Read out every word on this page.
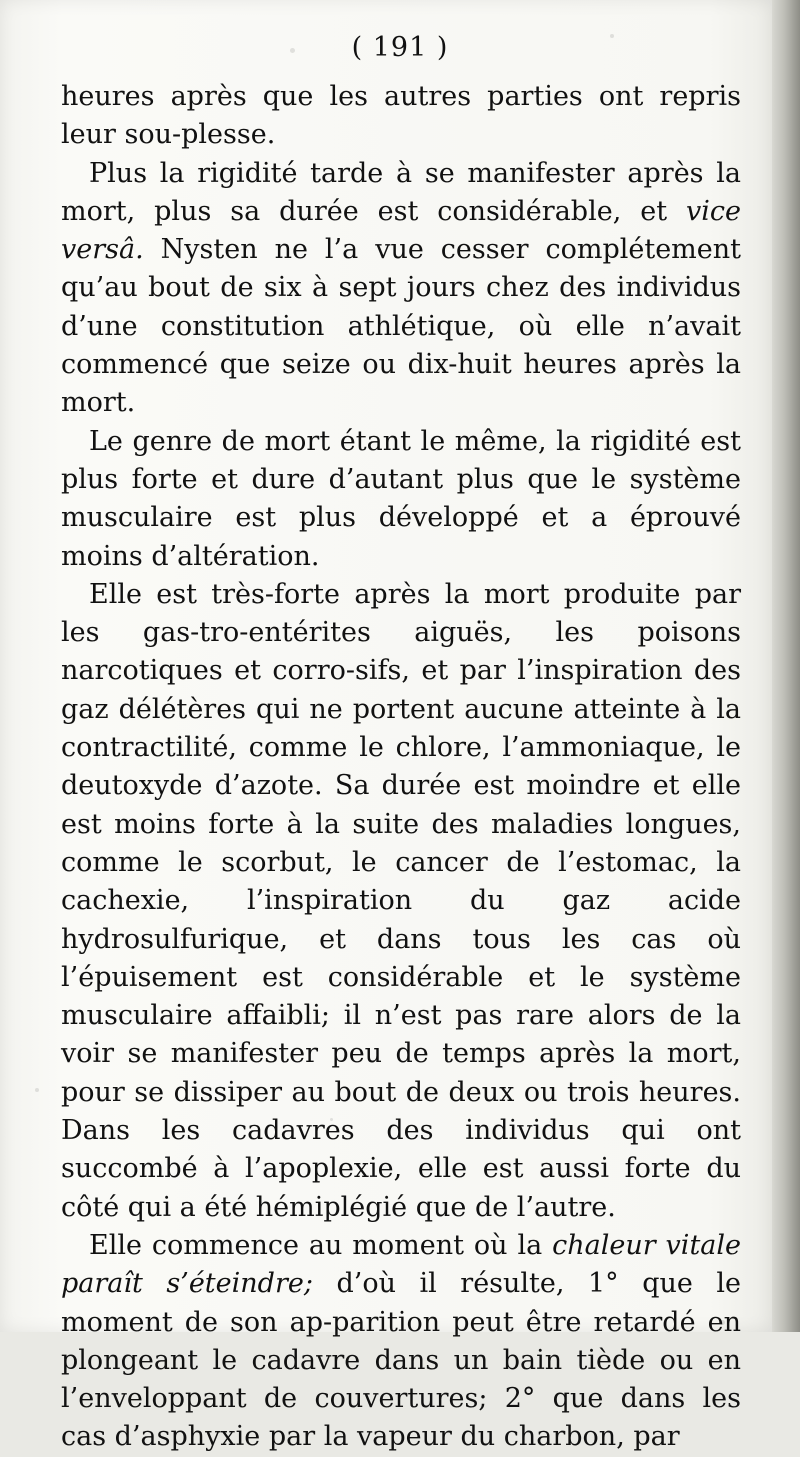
( 191 )

heures après que les autres parties ont repris leur sou-plesse.

Plus la rigidité tarde à se manifester après la mort, plus sa durée est considérable, et vice versâ. Nysten ne l’a vue cesser complétement qu’au bout de six à sept jours chez des individus d’une constitution athlétique, où elle n’avait commencé que seize ou dix-huit heures après la mort.

Le genre de mort étant le même, la rigidité est plus forte et dure d’autant plus que le système musculaire est plus développé et a éprouvé moins d’altération.

Elle est très-forte après la mort produite par les gas-tro-entérites aiguës, les poisons narcotiques et corro-sifs, et par l’inspiration des gaz délétères qui ne portent aucune atteinte à la contractilité, comme le chlore, l’ammoniaque, le deutoxyde d’azote. Sa durée est moindre et elle est moins forte à la suite des maladies longues, comme le scorbut, le cancer de l’estomac, la cachexie, l’inspiration du gaz acide hydrosulfurique, et dans tous les cas où l’épuisement est considérable et le système musculaire affaibli; il n’est pas rare alors de la voir se manifester peu de temps après la mort, pour se dissiper au bout de deux ou trois heures. Dans les cadavres des individus qui ont succombé à l’apoplexie, elle est aussi forte du côté qui a été hémiplégié que de l’autre.

Elle commence au moment où la chaleur vitale paraît s’éteindre; d’où il résulte, 1° que le moment de son ap-parition peut être retardé en plongeant le cadavre dans un bain tiède ou en l’enveloppant de couvertures; 2° que dans les cas d’asphyxie par la vapeur du charbon, par
